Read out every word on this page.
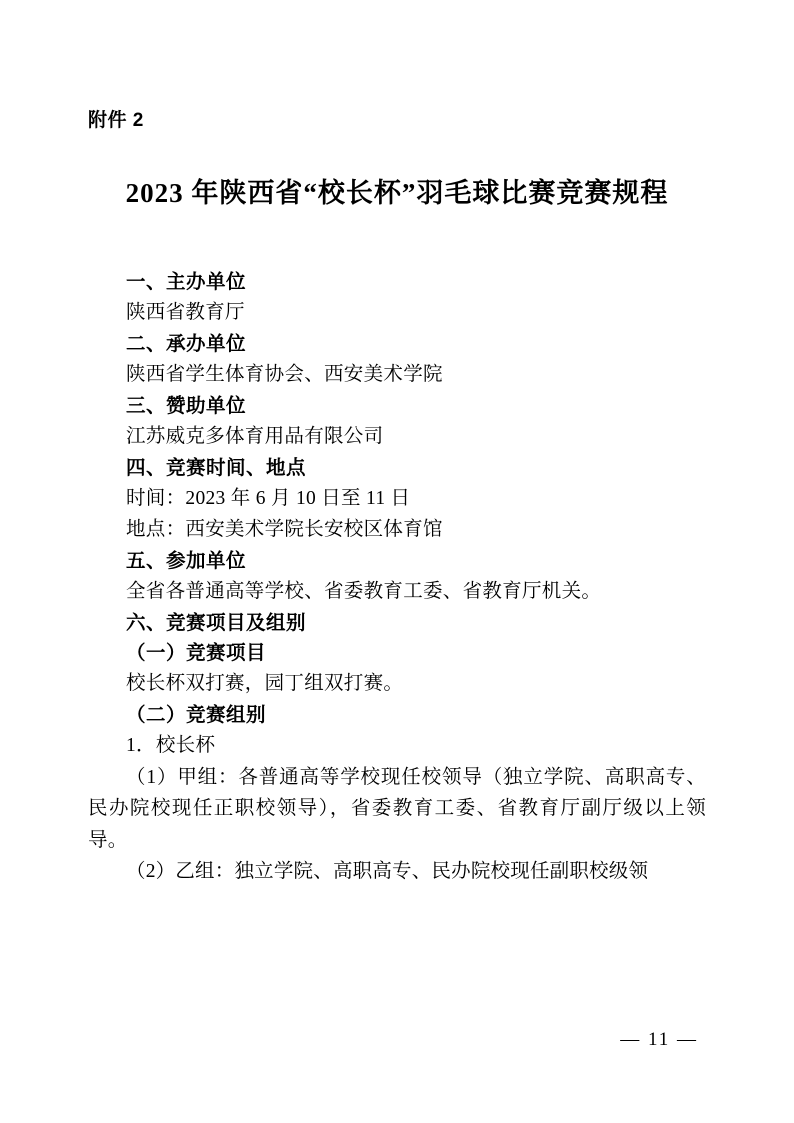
附件 2

2023 年陕西省“校长杯”羽毛球比赛竞赛规程
一、主办单位

陕西省教育厅

二、承办单位

陕西省学生体育协会、西安美术学院

三、赞助单位

江苏威克多体育用品有限公司

四、竞赛时间、地点

时间：2023 年 6 月 10 日至 11 日

地点：西安美术学院长安校区体育馆

五、参加单位

全省各普通高等学校、省委教育工委、省教育厅机关。

六、竞赛项目及组别
（一）竞赛项目

校长杯双打赛，园丁组双打赛。

（二）竞赛组别

1．校长杯

（1）甲组：各普通高等学校现任校领导（独立学院、高职高专、民办院校现任正职校领导），省委教育工委、省教育厅副厅级以上领导。

（2）乙组：独立学院、高职高专、民办院校现任副职校级领

— 11 —
